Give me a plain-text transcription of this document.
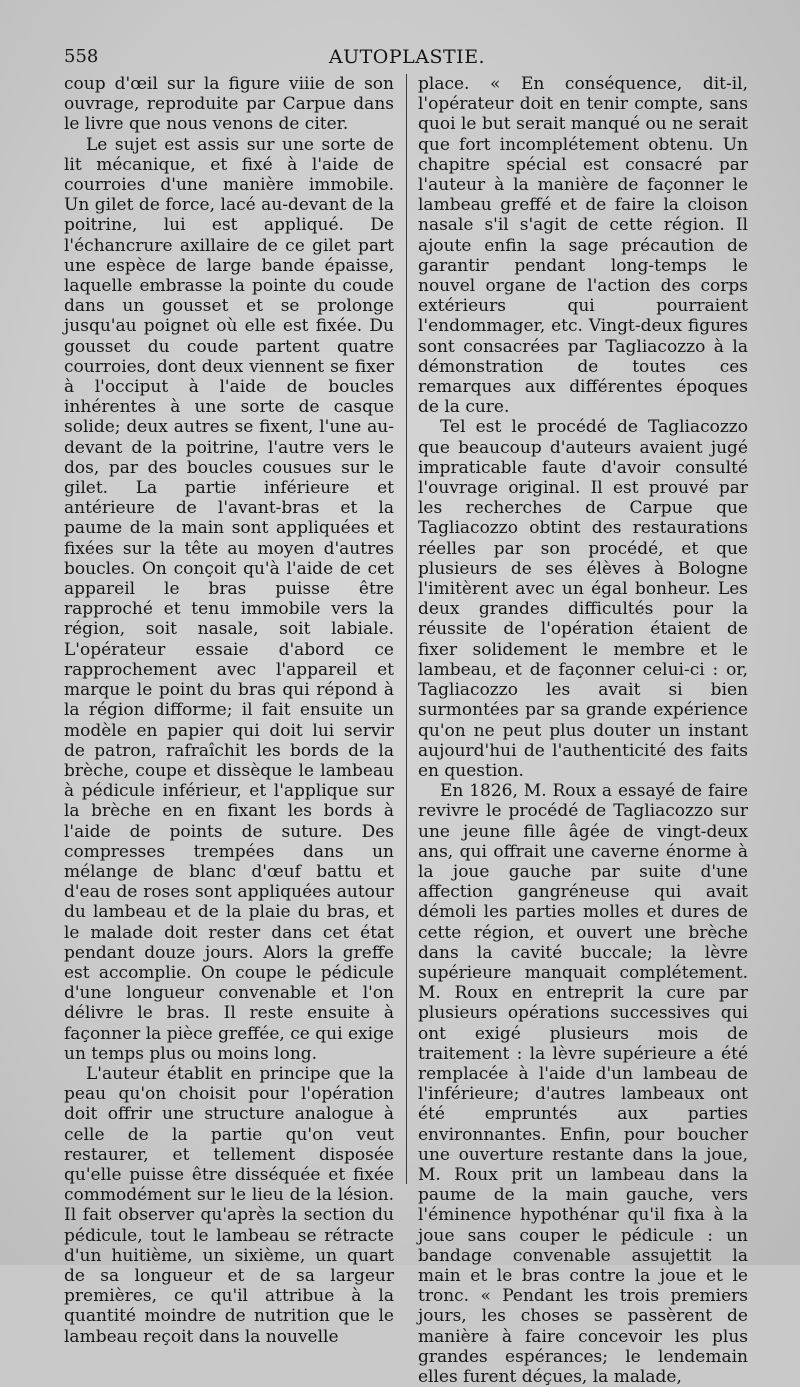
558	AUTOPLASTIE.

coup d'œil sur la figure viiie de son ouvrage, reproduite par Carpue dans le livre que nous venons de citer.

Le sujet est assis sur une sorte de lit mécanique, et fixé à l'aide de courroies d'une manière immobile. Un gilet de force, lacé au-devant de la poitrine, lui est appliqué. De l'échancrure axillaire de ce gilet part une espèce de large bande épaisse, laquelle embrasse la pointe du coude dans un gousset et se prolonge jusqu'au poignet où elle est fixée. Du gousset du coude partent quatre courroies, dont deux viennent se fixer à l'occiput à l'aide de boucles inhérentes à une sorte de casque solide; deux autres se fixent, l'une au-devant de la poitrine, l'autre vers le dos, par des boucles cousues sur le gilet. La partie inférieure et antérieure de l'avant-bras et la paume de la main sont appliquées et fixées sur la tête au moyen d'autres boucles. On conçoit qu'à l'aide de cet appareil le bras puisse être rapproché et tenu immobile vers la région, soit nasale, soit labiale. L'opérateur essaie d'abord ce rapprochement avec l'appareil et marque le point du bras qui répond à la région difforme; il fait ensuite un modèle en papier qui doit lui servir de patron, rafraîchit les bords de la brèche, coupe et dissèque le lambeau à pédicule inférieur, et l'applique sur la brèche en en fixant les bords à l'aide de points de suture. Des compresses trempées dans un mélange de blanc d'œuf battu et d'eau de roses sont appliquées autour du lambeau et de la plaie du bras, et le malade doit rester dans cet état pendant douze jours. Alors la greffe est accomplie. On coupe le pédicule d'une longueur convenable et l'on délivre le bras. Il reste ensuite à façonner la pièce greffée, ce qui exige un temps plus ou moins long.

L'auteur établit en principe que la peau qu'on choisit pour l'opération doit offrir une structure analogue à celle de la partie qu'on veut restaurer, et tellement disposée qu'elle puisse être disséquée et fixée commodément sur le lieu de la lésion. Il fait observer qu'après la section du pédicule, tout le lambeau se rétracte d'un huitième, un sixième, un quart de sa longueur et de sa largeur premières, ce qu'il attribue à la quantité moindre de nutrition que le lambeau reçoit dans la nouvelle

place. « En conséquence, dit-il, l'opérateur doit en tenir compte, sans quoi le but serait manqué ou ne serait que fort incomplétement obtenu. Un chapitre spécial est consacré par l'auteur à la manière de façonner le lambeau greffé et de faire la cloison nasale s'il s'agit de cette région. Il ajoute enfin la sage précaution de garantir pendant long-temps le nouvel organe de l'action des corps extérieurs qui pourraient l'endommager, etc. Vingt-deux figures sont consacrées par Tagliacozzo à la démonstration de toutes ces remarques aux différentes époques de la cure.

Tel est le procédé de Tagliacozzo que beaucoup d'auteurs avaient jugé impraticable faute d'avoir consulté l'ouvrage original. Il est prouvé par les recherches de Carpue que Tagliacozzo obtint des restaurations réelles par son procédé, et que plusieurs de ses élèves à Bologne l'imitèrent avec un égal bonheur. Les deux grandes difficultés pour la réussite de l'opération étaient de fixer solidement le membre et le lambeau, et de façonner celui-ci : or, Tagliacozzo les avait si bien surmontées par sa grande expérience qu'on ne peut plus douter un instant aujourd'hui de l'authenticité des faits en question.

En 1826, M. Roux a essayé de faire revivre le procédé de Tagliacozzo sur une jeune fille âgée de vingt-deux ans, qui offrait une caverne énorme à la joue gauche par suite d'une affection gangréneuse qui avait démoli les parties molles et dures de cette région, et ouvert une brèche dans la cavité buccale; la lèvre supérieure manquait complétement. M. Roux en entreprit la cure par plusieurs opérations successives qui ont exigé plusieurs mois de traitement : la lèvre supérieure a été remplacée à l'aide d'un lambeau de l'inférieure; d'autres lambeaux ont été empruntés aux parties environnantes. Enfin, pour boucher une ouverture restante dans la joue, M. Roux prit un lambeau dans la paume de la main gauche, vers l'éminence hypothénar qu'il fixa à la joue sans couper le pédicule : un bandage convenable assujettit la main et le bras contre la joue et le tronc. « Pendant les trois premiers jours, les choses se passèrent de manière à faire concevoir les plus grandes espérances; le lendemain elles furent déçues, la malade,
